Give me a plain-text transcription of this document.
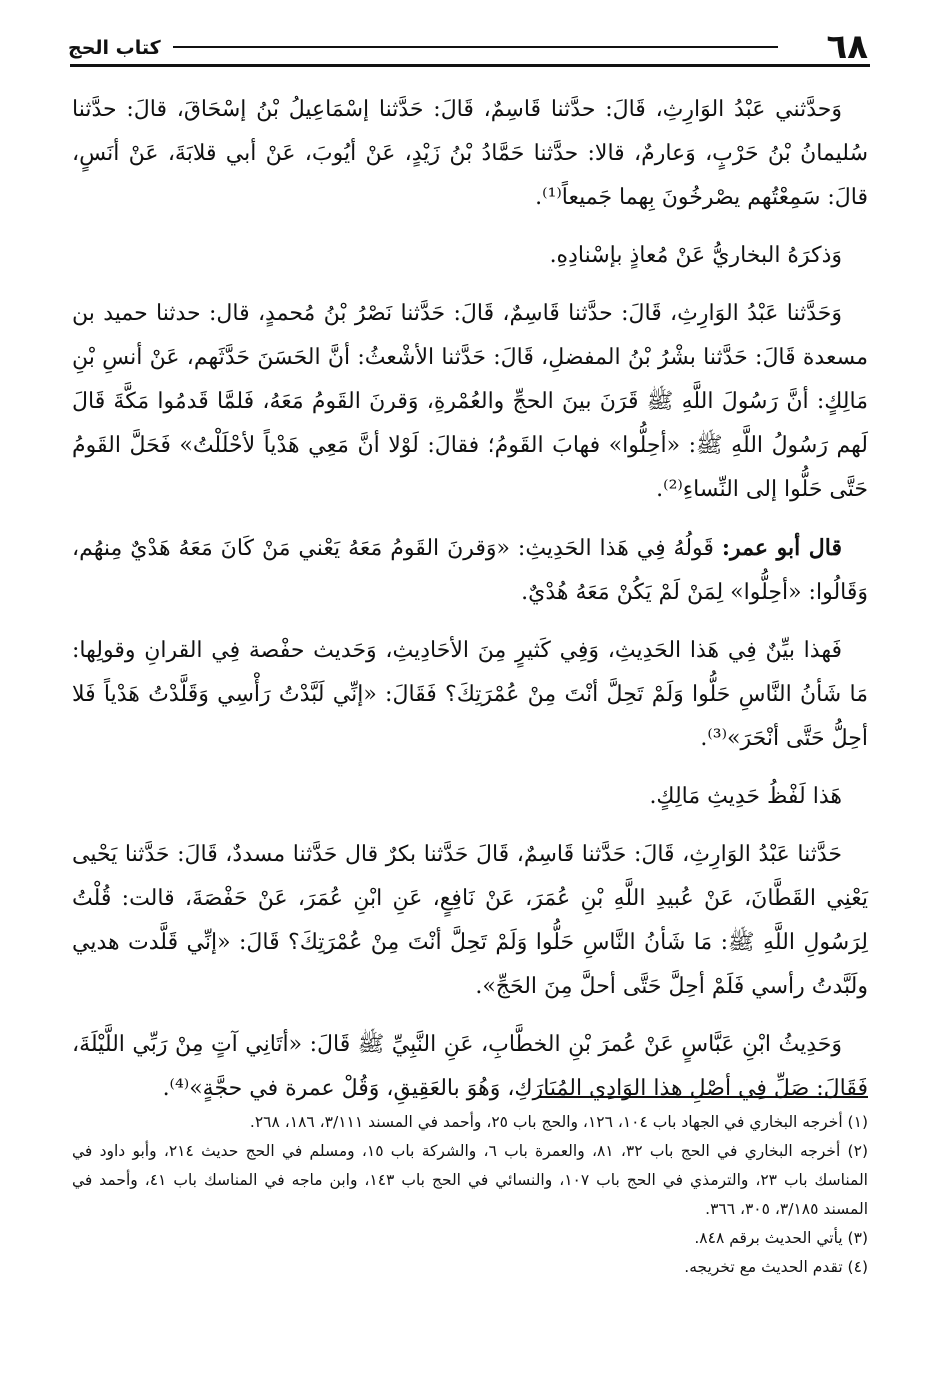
٦٨
كتاب الحج

وَحدَّثني عَبْدُ الوَارِثِ، قَالَ: حدَّثنا قَاسِمٌ، قَالَ: حَدَّثنا إسْمَاعِيلُ بْنُ إسْحَاقَ، قالَ: حدَّثنا سُليمانُ بْنُ حَرْبٍ، وَعارمٌ، قالا: حدَّثنا حَمَّادُ بْنُ زَيْدٍ، عَنْ أيُوبَ، عَنْ أبي قلابَةَ، عَنْ أنَسٍ، قالَ: سَمِعْتُهم يصْرخُونَ بِهما جَميعاً⁽¹⁾.

وَذكرَهُ البخاريُّ عَنْ مُعاذٍ بإسْنادِهِ.

وَحَدَّثنا عَبْدُ الوَارِثِ، قَالَ: حدَّثنا قَاسِمٌ، قَالَ: حَدَّثنا نَصْرُ بْنُ مُحمدٍ، قال: حدثنا حميد بن مسعدة قَالَ: حَدَّثنا بشْرُ بْنُ المفضلِ، قَالَ: حَدَّثنا الأشْعثُ: أنَّ الحَسَنَ حَدَّثَهم، عَنْ أنسِ بْنِ مَالِكٍ: أنَّ رَسُولَ اللَّهِ ﷺ قَرَنَ بينَ الحجِّ والعُمْرةِ، وَقرنَ القَومُ مَعَهُ، فَلمَّا قَدمُوا مَكَّةَ قَالَ لَهم رَسُولُ اللَّهِ ﷺ: «أحِلُّوا» فهابَ القَومُ؛ فقالَ: لَوْلا أنَّ مَعِي هَدْياً لأحْلَلْتُ» فَحَلَّ القَومُ حَتَّى حَلُّوا إلى النِّساءِ⁽²⁾.

قال أبو عمر: قَولُهُ فِي هَذا الحَدِيثِ: «وَقرنَ القَومُ مَعَهُ يَعْني مَنْ كَانَ مَعَهُ هَدْيٌ مِنهُم، وَقَالُوا: «أحِلُّوا» لِمَنْ لَمْ يَكُنْ مَعَهُ هُدْيٌ.

فَهذا بيِّنٌ فِي هَذا الحَدِيثِ، وَفِي كَثيرٍ مِنَ الأحَادِيثِ، وَحَديث حفْصة فِي القرانِ وقولِها: مَا شَأنُ النَّاسِ حَلُّوا وَلَمْ تَحِلَّ أنْتَ مِنْ عُمْرَتِكَ؟ فَقَالَ: «إنِّي لَبَّدْتُ رَأْسِي وَقَلَّدْتُ هَدْياً فَلا أحِلُّ حَتَّى أنْحَرَ»⁽³⁾.

هَذا لَفْظُ حَدِيثِ مَالِكٍ.

حَدَّثنا عَبْدُ الوَارِثِ، قَالَ: حَدَّثنا قَاسِمٌ، قَالَ حَدَّثنا بكرٌ قال حَدَّثنا مسددٌ، قَالَ: حَدَّثنا يَحْيى يَعْنِي القَطَّانَ، عَنْ عُبيدِ اللَّهِ بْنِ عُمَرَ، عَنْ نَافِعٍ، عَنِ ابْنِ عُمَرَ، عَنْ حَفْصَةَ، قالت: قُلْتُ لِرَسُولِ اللَّهِ ﷺ: مَا شَأنُ النَّاسِ حَلُّوا وَلَمْ تَحِلَّ أنْتَ مِنْ عُمْرَتِكَ؟ قَالَ: «إنِّي قَلَّدت هديي ولَبَّدتُ رأسي فَلَمْ أحِلَّ حَتَّى أحلَّ مِنَ الحَجِّ».

وَحَدِيثُ ابْنِ عَبَّاسٍ عَنْ عُمرَ بْنِ الخطَّابِ، عَنِ النَّبِيِّ ﷺ قَالَ: «أتَانِي آتٍ مِنْ رَبِّي اللَّيْلَةَ، فَقَالَ: صَلِّ فِي أصْلِ هذا الوَادِي المُبَارَكِ، وَهُوَ بالعَقِيقِ، وَقُلْ عمرة في حجَّةٍ»⁽⁴⁾.

(١) أخرجه البخاري في الجهاد باب ١٠٤، ١٢٦، والحج باب ٢٥، وأحمد في المسند ٣/١١١، ١٨٦، ٢٦٨.

(٢) أخرجه البخاري في الحج باب ٣٢، ٨١، والعمرة باب ٦، والشركة باب ١٥، ومسلم في الحج حديث ٢١٤، وأبو داود في المناسك باب ٢٣، والترمذي في الحج باب ١٠٧، والنسائي في الحج باب ١٤٣، وابن ماجه في المناسك باب ٤١، وأحمد في المسند ٣/١٨٥، ٣٠٥، ٣٦٦.

(٣) يأتي الحديث برقم ٨٤٨.

(٤) تقدم الحديث مع تخريجه.
